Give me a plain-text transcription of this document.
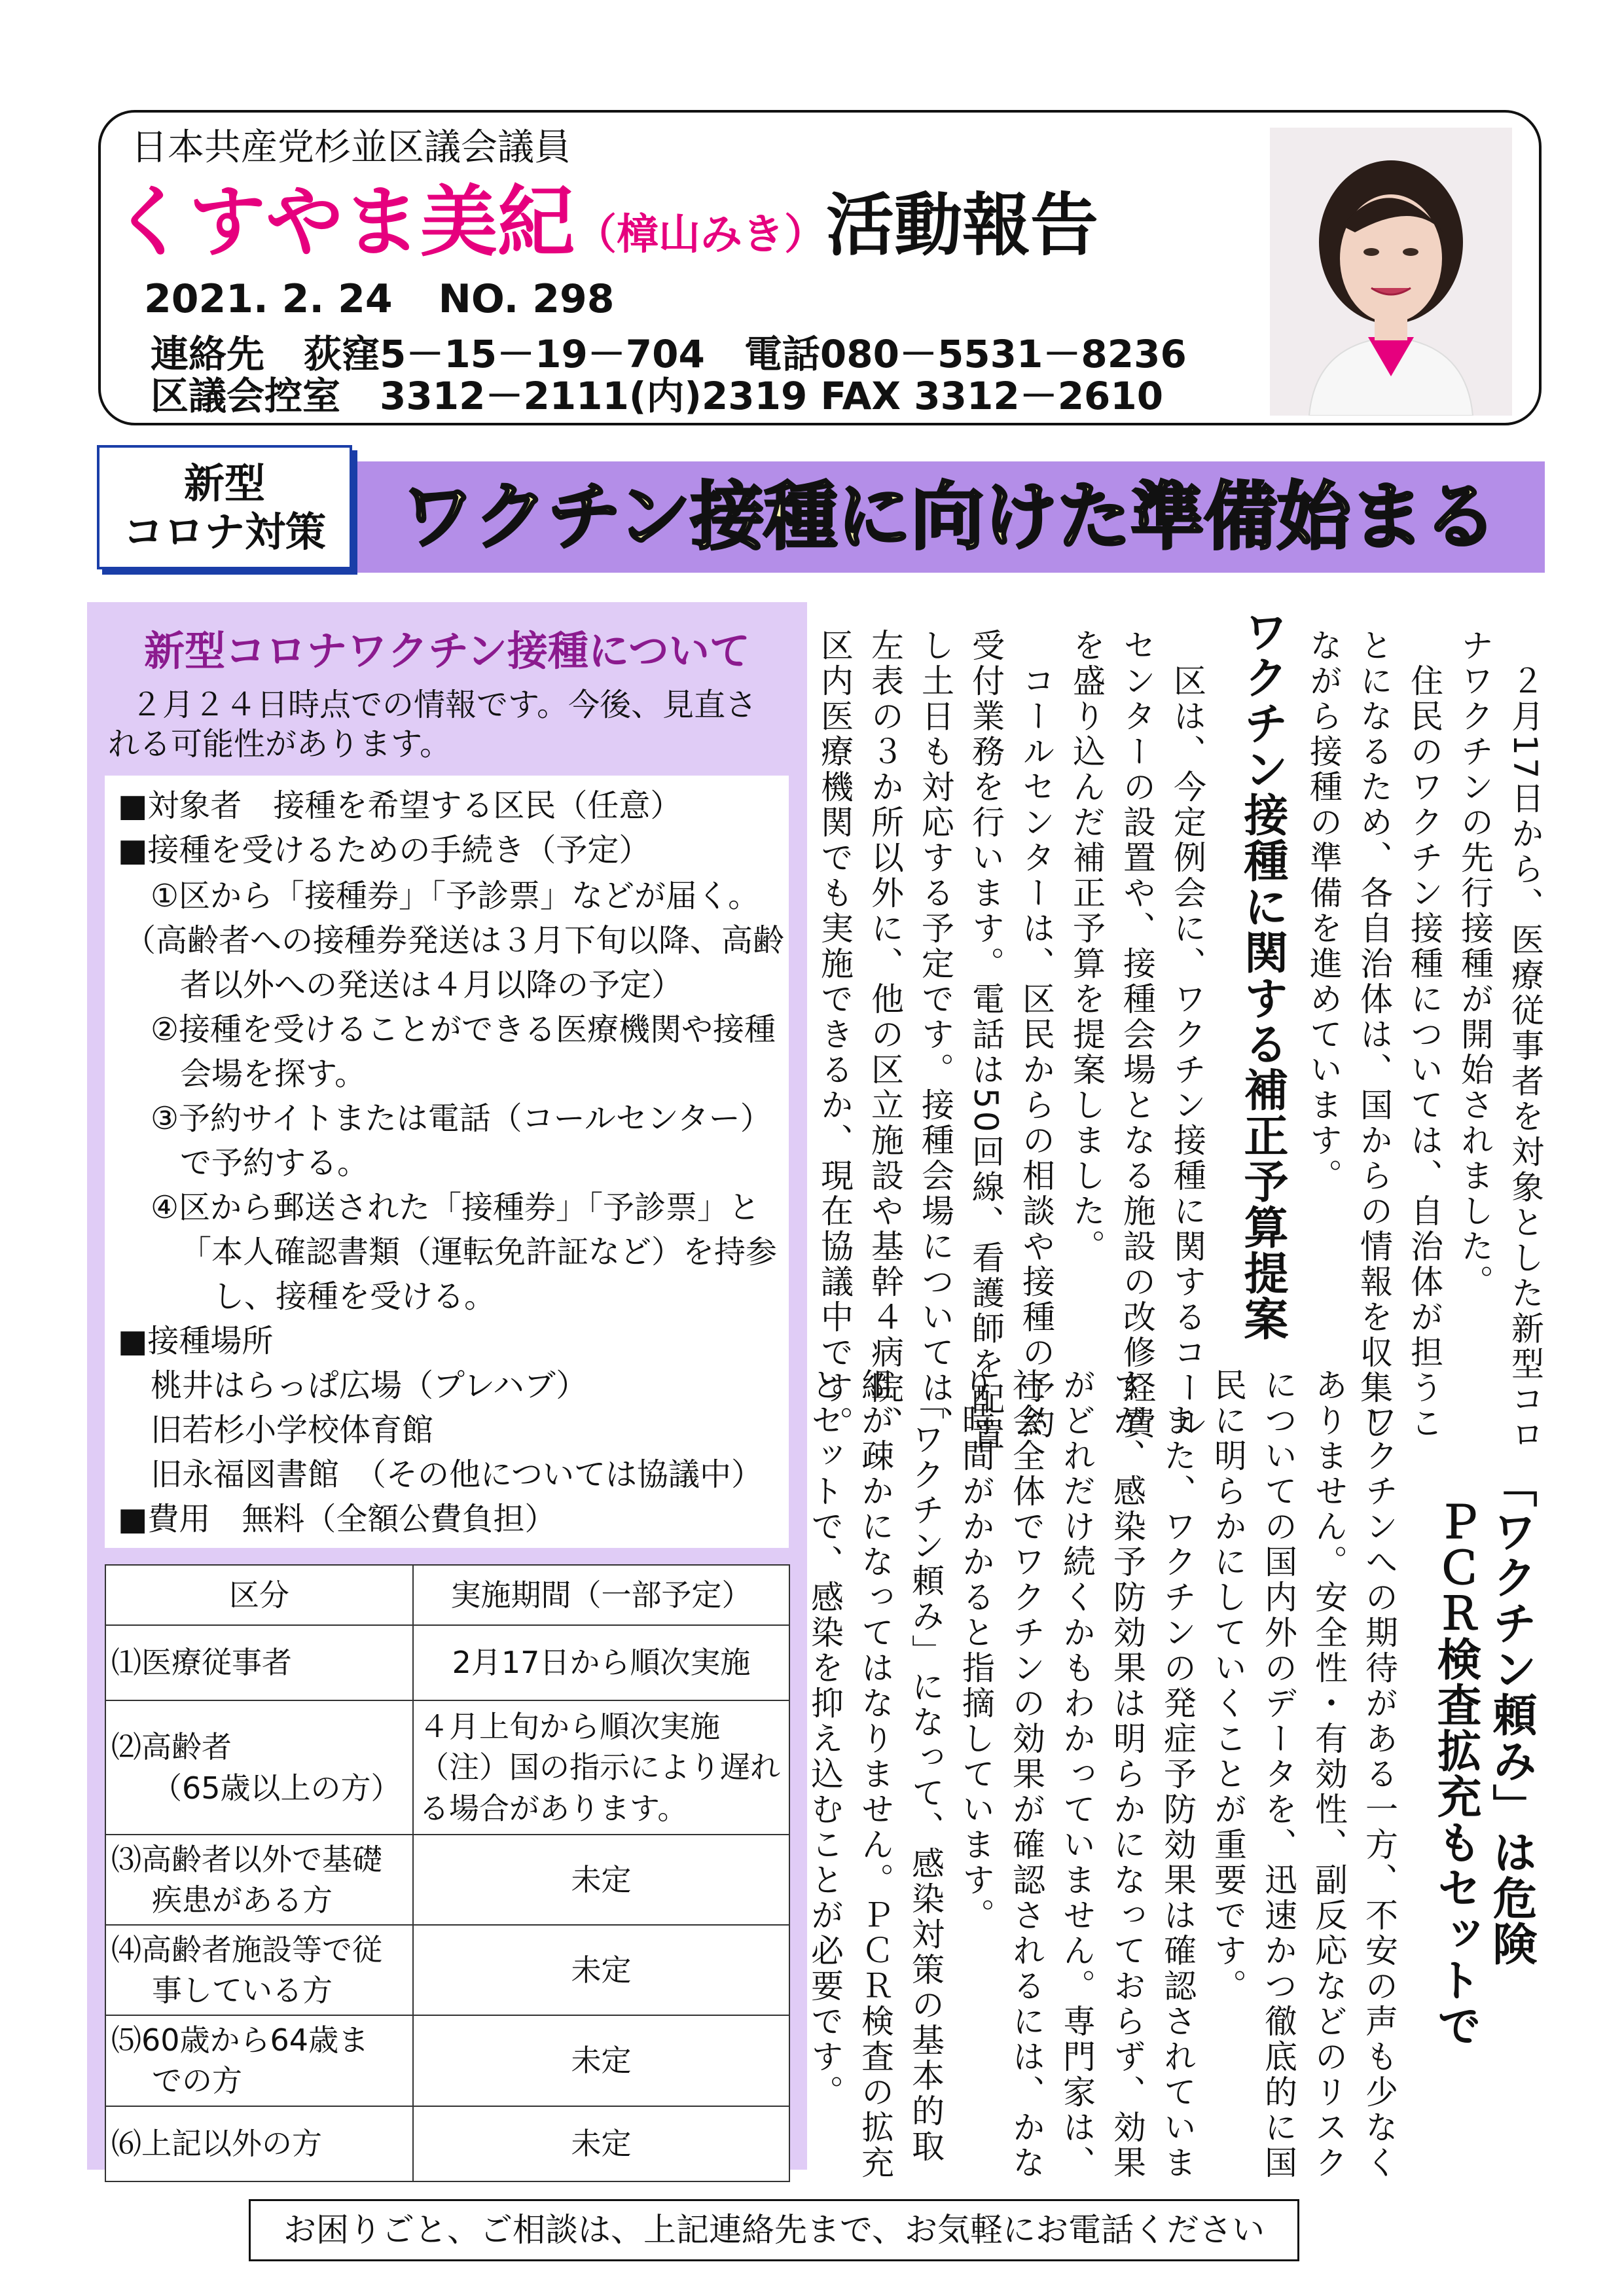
日本共産党杉並区議会議員
くすやま美紀（樟山みき）活動報告
2021. 2. 24 NO. 298
連絡先 荻窪5－15－19－704 電話080－5531－8236
区議会控室 3312－2111(内)2319 FAX 3312－2610
ワクチン接種に向けた準備始まる
新型
コロナ対策
新型コロナワクチン接種について
２月２４日時点での情報です。今後、見直さ
れる可能性があります。
■対象者　接種を希望する区民（任意）
■接種を受けるための手続き（予定）
①区から「接種券」「予診票」などが届く。
（高齢者への接種券発送は３月下旬以降、高齢
者以外への発送は４月以降の予定）
②接種を受けることができる医療機関や接種
会場を探す。
③予約サイトまたは電話（コールセンター）
で予約する。
④区から郵送された「接種券」「予診票」と
「本人確認書類（運転免許証など）を持参
し、接種を受ける。
■接種場所
桃井はらっぱ広場（プレハブ）
旧若杉小学校体育館
旧永福図書館　（その他については協議中）
■費用　無料（全額公費負担）
区分	実施期間（一部予定）
⑴医療従事者	2月17日から順次実施
⑵高齢者
（65歳以上の方）	４月上旬から順次実施（注）国の指示により遅れる場合があります。
⑶高齢者以外で基礎
疾患がある方	未定
⑷高齢者施設等で従
事している方	未定
⑸60歳から64歳ま
での方	未定
⑹上記以外の方	未定
　２月17日から、医療従事者を対象とした新型コロ
ナワクチンの先行接種が開始されました。
　住民のワクチン接種については、自治体が担うこ
とになるため、各自治体は、国からの情報を収集し
ながら接種の準備を進めています。
ワクチン接種に関する補正予算提案
　区は、今定例会に、ワクチン接種に関するコール
センターの設置や、接種会場となる施設の改修経費
を盛り込んだ補正予算を提案しました。
　コールセンターは、区民からの相談や接種の予約
受付業務を行います。電話は50回線、看護師を配置
し土日も対応する予定です。接種会場については、
左表の３か所以外に、他の区立施設や基幹４病院、
区内医療機関でも実施できるか、現在協議中です。
「ワクチン頼み」は危険
ＰＣＲ検査拡充もセットで
　ワクチンへの期待がある一方、不安の声も少なく
ありません。安全性・有効性、副反応などのリスク
についての国内外のデータを、迅速かつ徹底的に国
民に明らかにしていくことが重要です。
　また、ワクチンの発症予防効果は確認されていま
すが、感染予防効果は明らかになっておらず、効果
がどれだけ続くかもわかっていません。専門家は、
社会全体でワクチンの効果が確認されるには、かな
り時間がかかると指摘しています。
　「ワクチン頼み」になって、感染対策の基本的取
組が疎かになってはなりません。ＰＣＲ検査の拡充
とセットで、感染を抑え込むことが必要です。
お困りごと、ご相談は、上記連絡先まで、お気軽にお電話ください
